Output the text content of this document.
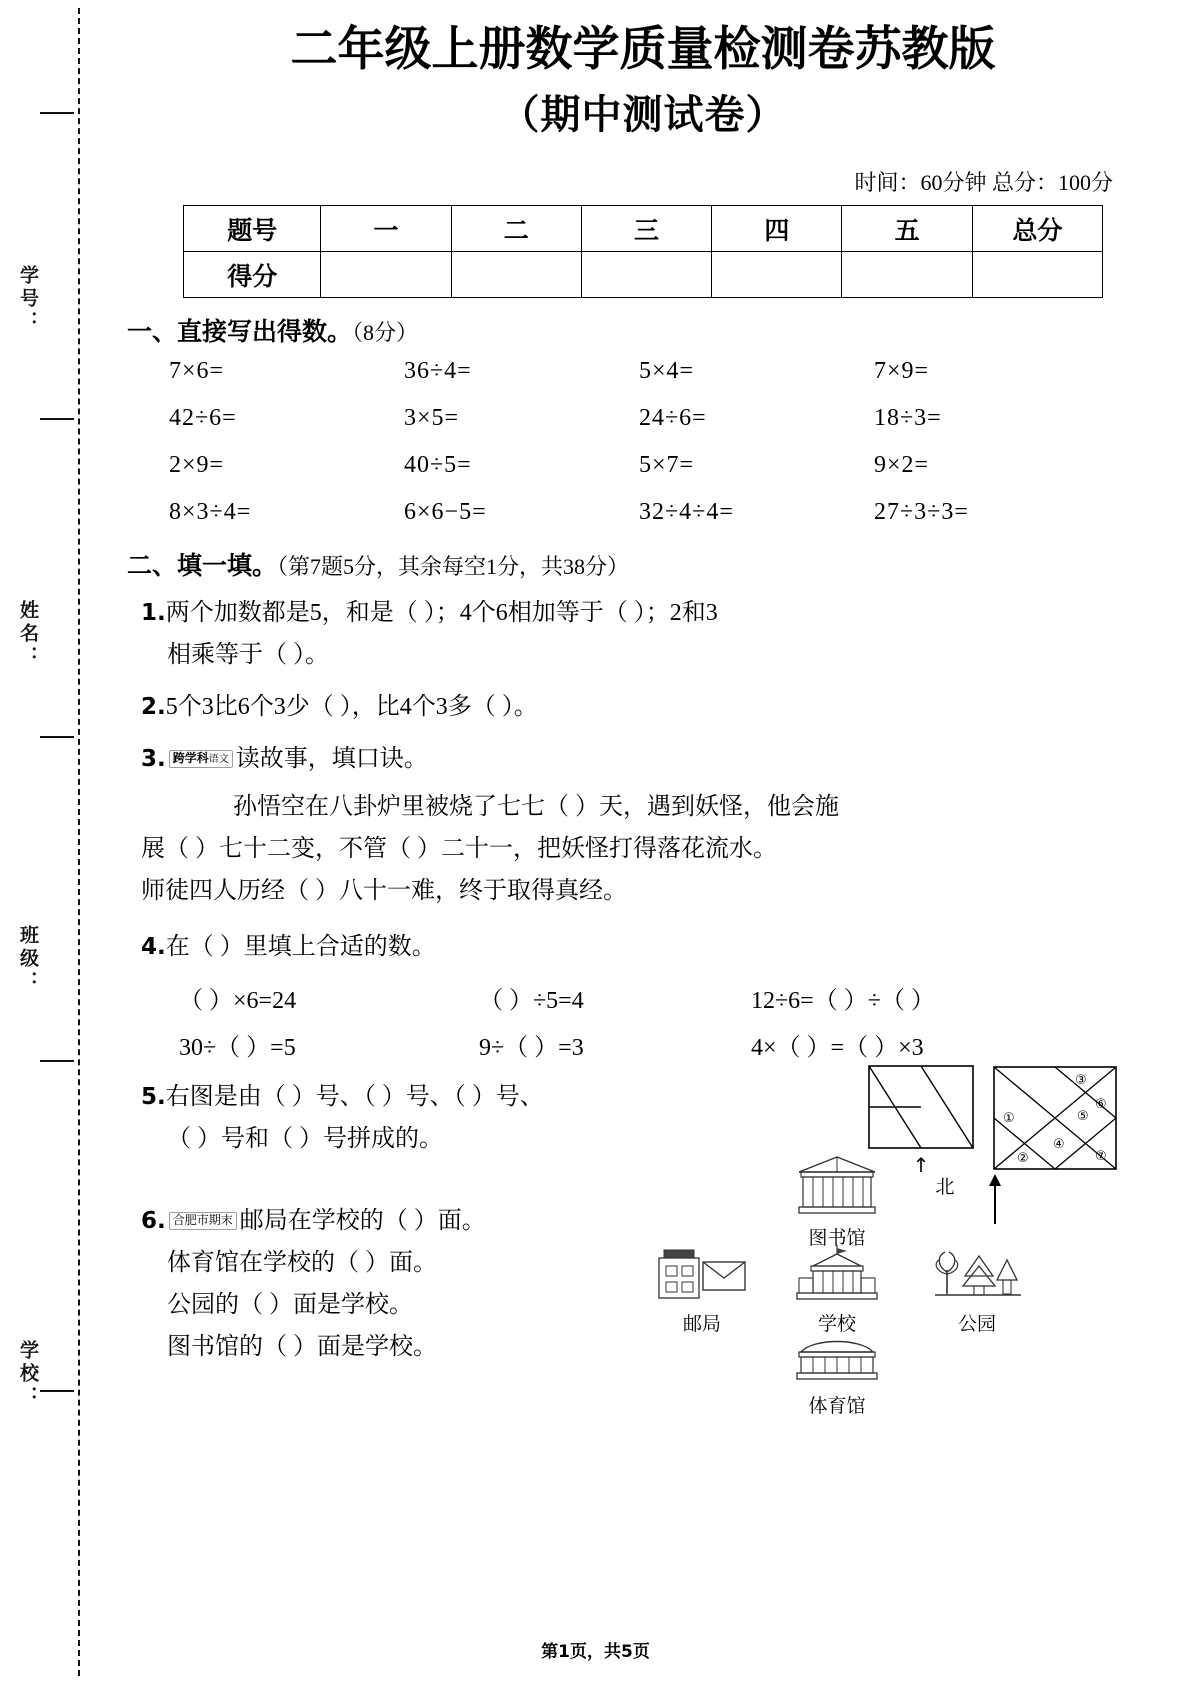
学号：
姓名：
班级：
学校：
二年级上册数学质量检测卷苏教版
（期中测试卷）
时间：60分钟 总分：100分
题号	一	二	三	四	五	总分
得分						
一、直接写出得数。（8分）
7×6=	36÷4=	5×4=	7×9=
42÷6=	3×5=	24÷6=	18÷3=
2×9=	40÷5=	5×7=	9×2=
8×3÷4=	6×6−5=	32÷4÷4=	27÷3÷3=
二、填一填。（第7题5分，其余每空1分，共38分）
1.两个加数都是5，和是（ ）；4个6相加等于（ ）；2和3
相乘等于（ ）。
2.5个3比6个3少（ ），比4个3多（ ）。
3. 跨学科语文 读故事，填口诀。
孙悟空在八卦炉里被烧了七七（ ）天，遇到妖怪，他会施
展（ ）七十二变，不管（ ）二十一，把妖怪打得落花流水。
师徒四人历经（ ）八十一难，终于取得真经。
4.在（ ）里填上合适的数。
（ ）×6=24	（ ）÷5=4	12÷6=（ ）÷（ ）
30÷（ ）=5	9÷（ ）=3	4×（ ）=（ ）×3
5.右图是由（ ）号、（ ）号、（ ）号、
（ ）号和（ ）号拼成的。
↑
①
②
③
④
⑤
⑥
⑦
北
6. 合肥市期末 邮局在学校的（ ）面。
体育馆在学校的（ ）面。
公园的（ ）面是学校。
图书馆的（ ）面是学校。
图书馆
邮局	学校	公园
体育馆
第1页，共5页
